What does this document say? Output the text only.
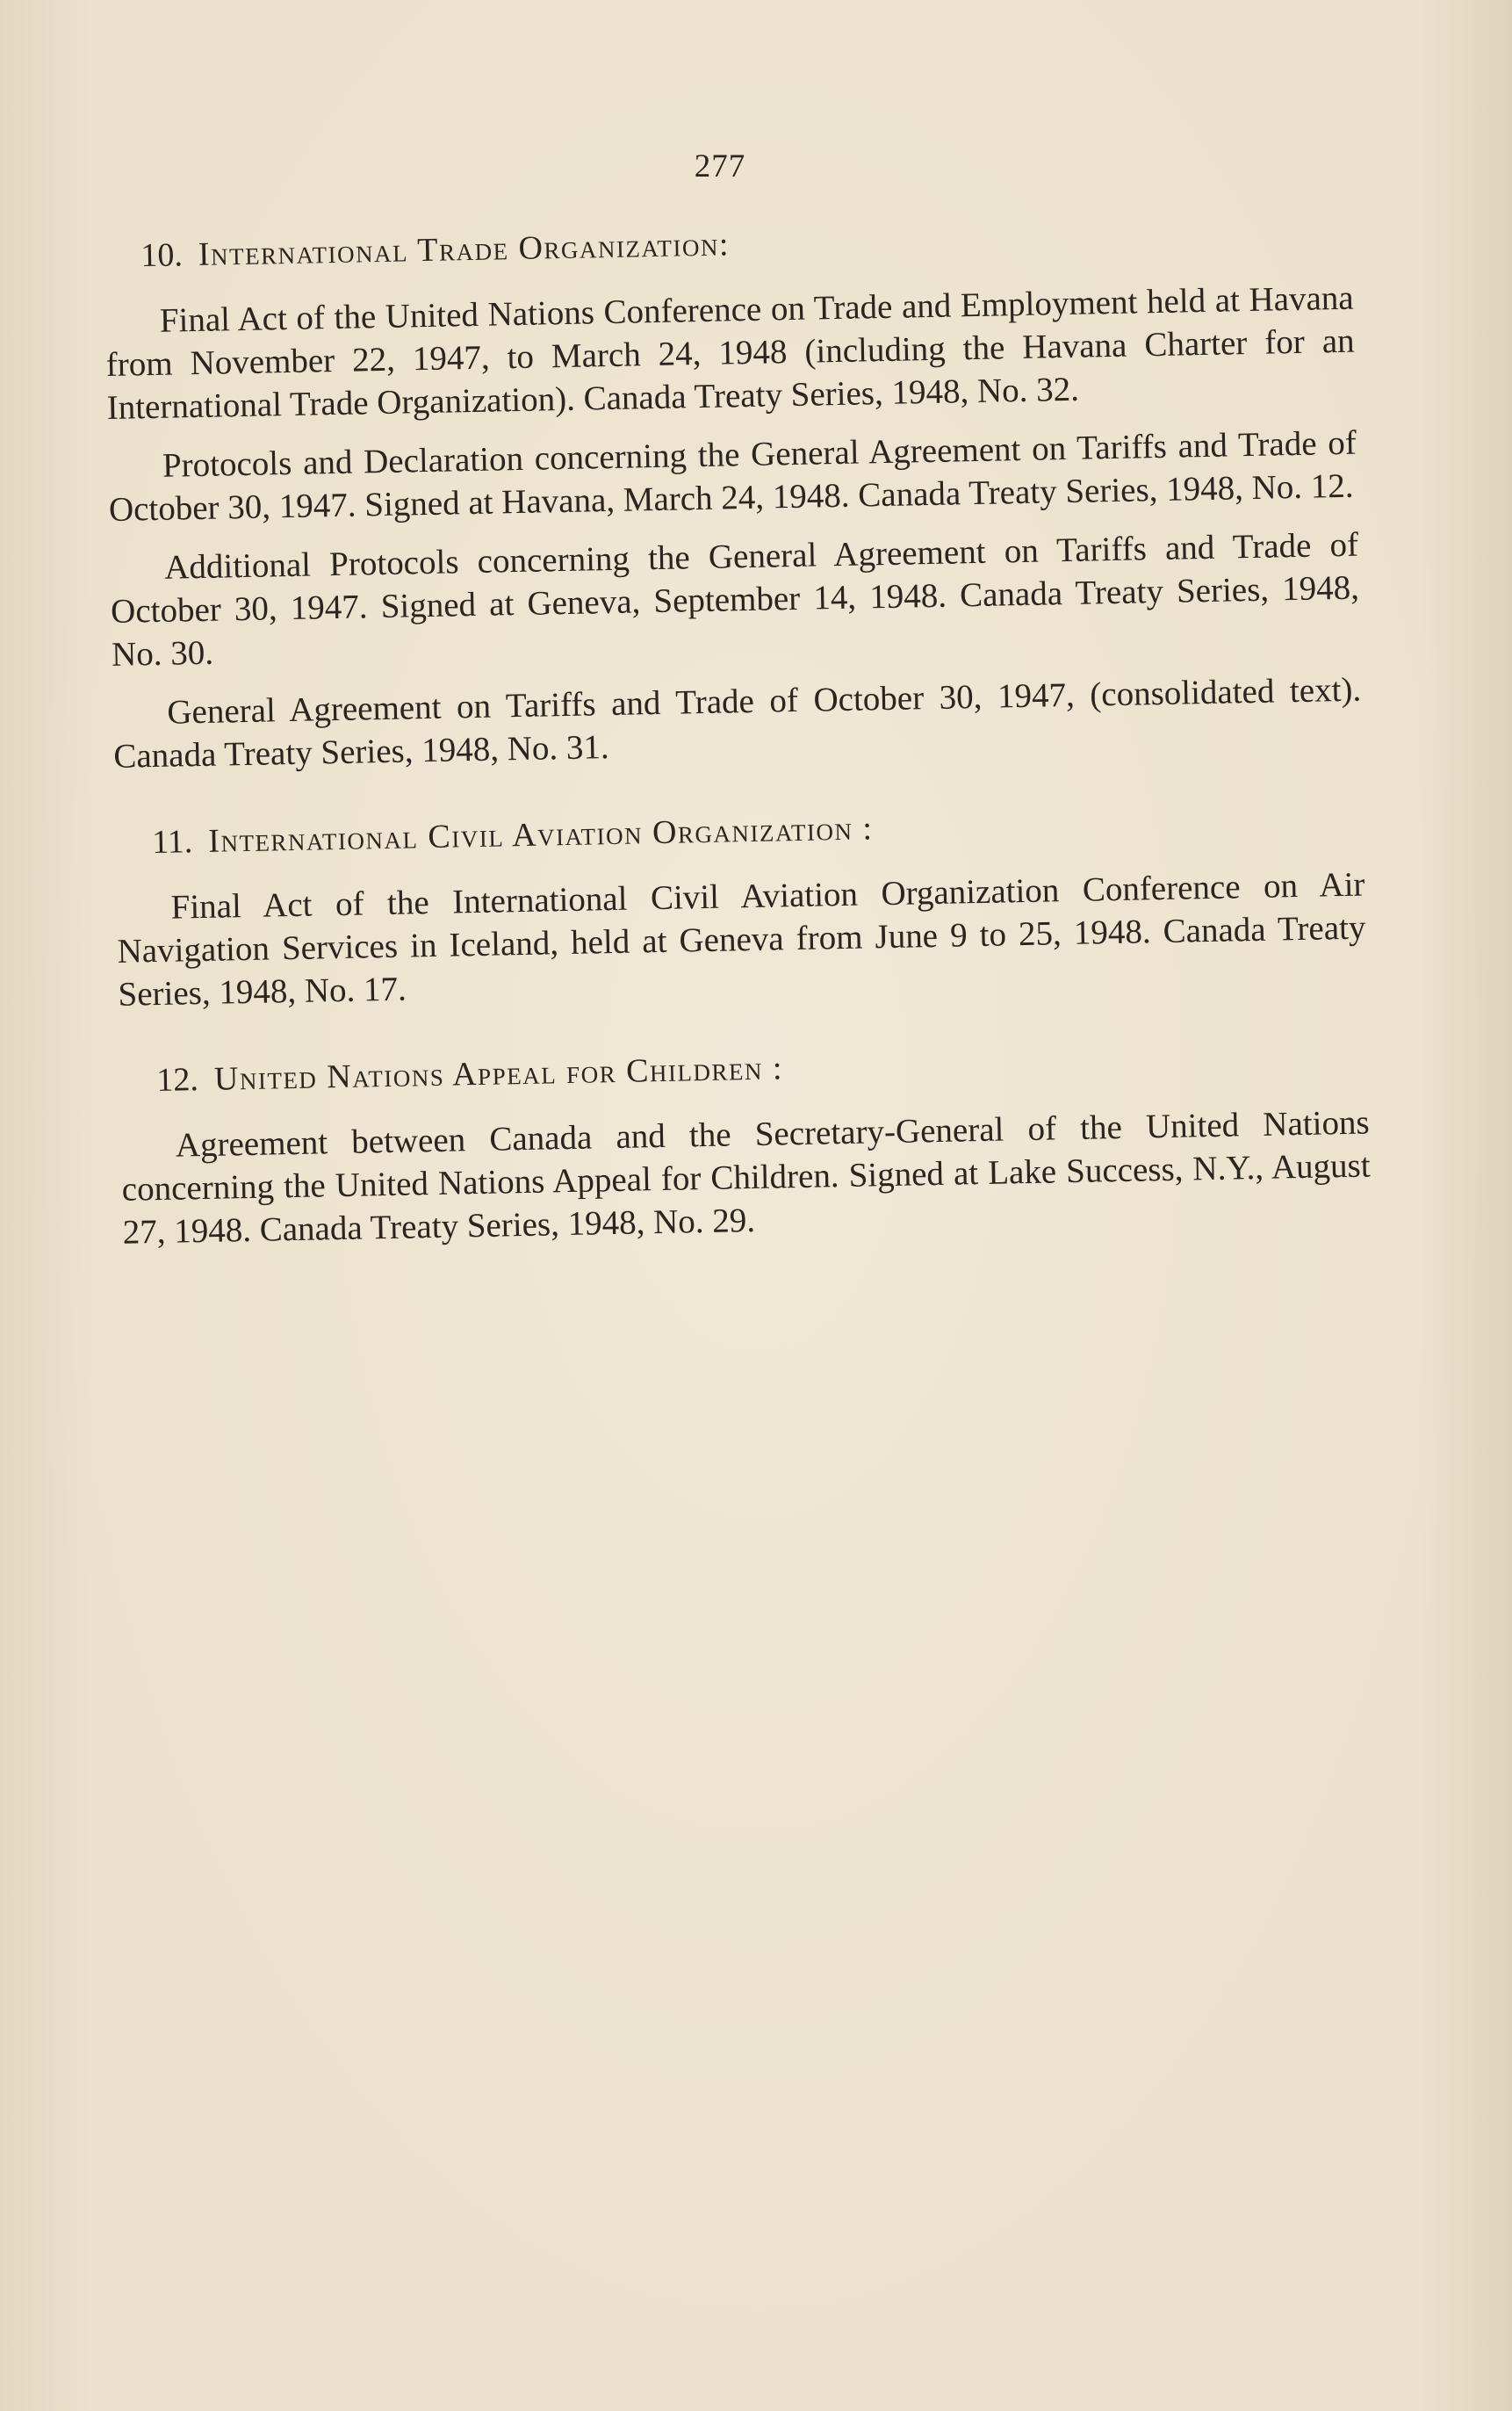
277
10. International Trade Organization:

Final Act of the United Nations Conference on Trade and Employment held at Havana from November 22, 1947, to March 24, 1948 (including the Havana Charter for an International Trade Organization). Canada Treaty Series, 1948, No. 32.

Protocols and Declaration concerning the General Agreement on Tariffs and Trade of October 30, 1947. Signed at Havana, March 24, 1948. Canada Treaty Series, 1948, No. 12.

Additional Protocols concerning the General Agreement on Tariffs and Trade of October 30, 1947. Signed at Geneva, September 14, 1948. Canada Treaty Series, 1948, No. 30.

General Agreement on Tariffs and Trade of October 30, 1947, (consolidated text). Canada Treaty Series, 1948, No. 31.

11. International Civil Aviation Organization :

Final Act of the International Civil Aviation Organization Conference on Air Navigation Services in Iceland, held at Geneva from June 9 to 25, 1948. Canada Treaty Series, 1948, No. 17.

12. United Nations Appeal for Children :

Agreement between Canada and the Secretary-General of the United Nations concerning the United Nations Appeal for Children. Signed at Lake Success, N.Y., August 27, 1948. Canada Treaty Series, 1948, No. 29.
